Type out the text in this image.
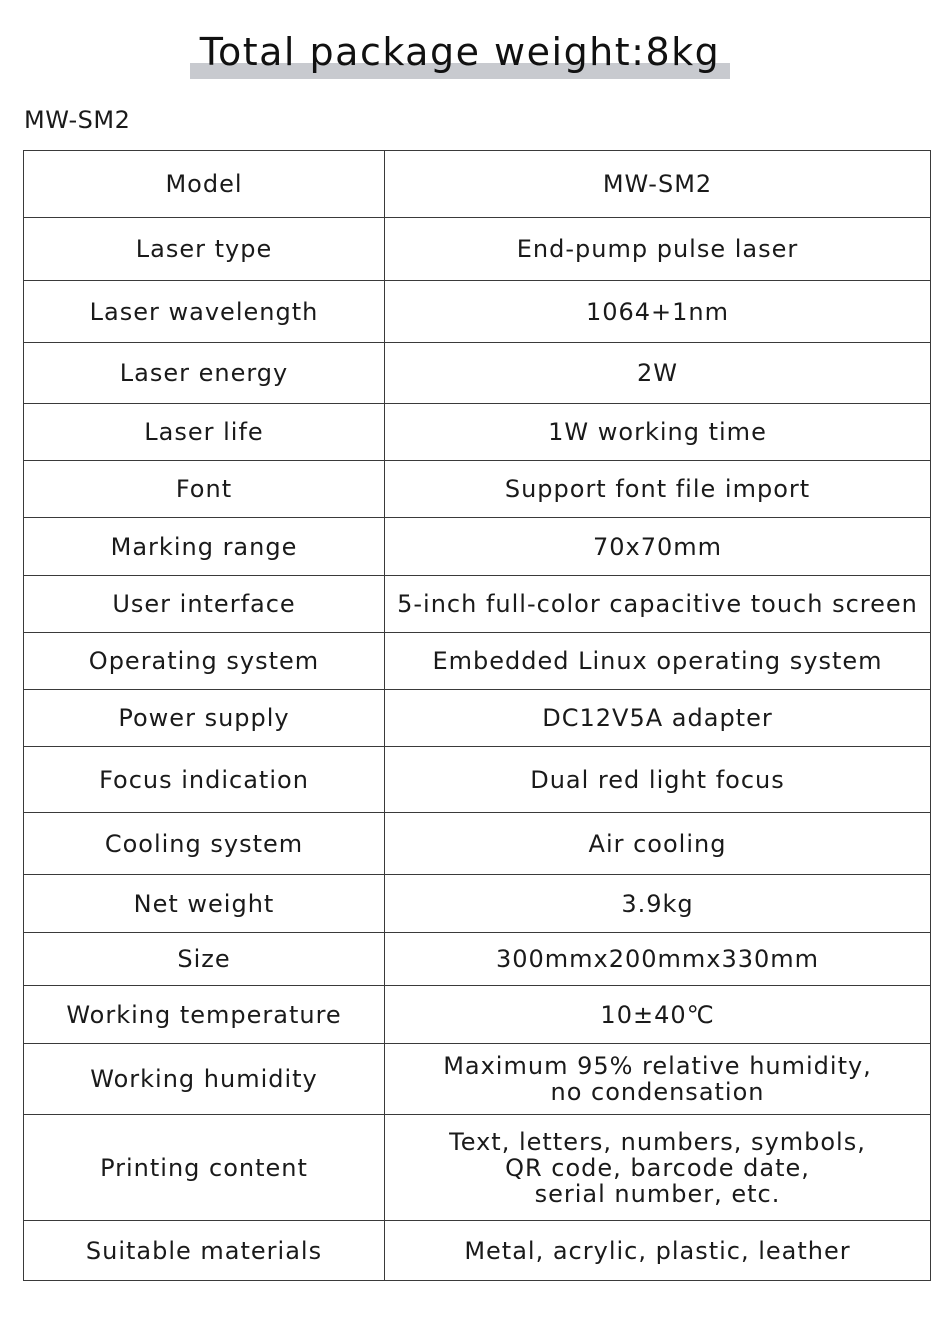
Total package weight:8kg
MW-SM2
Model	MW-SM2

Laser type	End-pump pulse laser

Laser wavelength	1064+1nm

Laser energy	2W

Laser life	1W working time

Font	Support font file import

Marking range	70x70mm

User interface	5-inch full-color capacitive touch screen

Operating system	Embedded Linux operating system

Power supply	DC12V5A adapter

Focus indication	Dual red light focus

Cooling system	Air cooling

Net weight	3.9kg

Size	300mmx200mmx330mm

Working temperature	10±40℃

Working humidity	Maximum 95% relative humidity,
no condensation

Printing content	Text, letters, numbers, symbols,
QR code, barcode date,
serial number, etc.

Suitable materials	Metal, acrylic, plastic, leather
